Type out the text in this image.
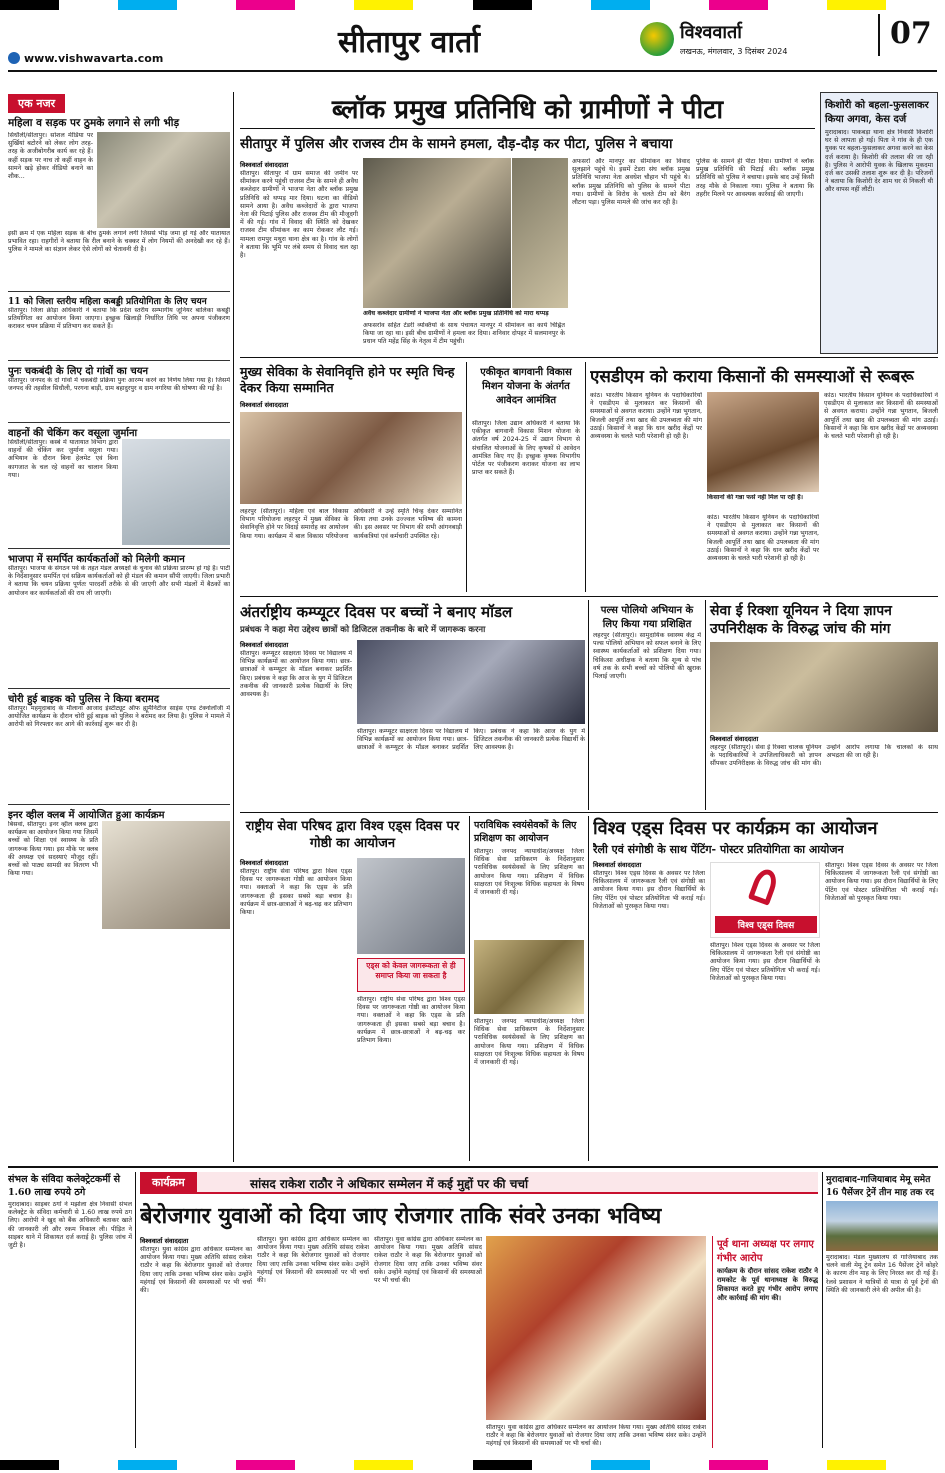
सीतापुर वार्ता
www.vishwavarta.com
विश्ववार्ता
लखनऊ, मंगलवार, 3 दिसंबर 2024
07
एक नजर
महिला व सड़क पर ठुमके लगाने से लगी भीड़
सिधौली/सीतापुर। सोशल मीडिया पर सुर्खियां बटोरने को लेकर लोग तरह-तरह के अजीबोगरीब कार्य कर रहे हैं। कहीं सड़क पर नाच तो कहीं वाहन के सामने खड़े होकर वीडियो बनाने का शौक...
इसी क्रम में एक महिला सड़क के बीच ठुमके लगाने लगी जिससे भीड़ जमा हो गई और यातायात प्रभावित रहा। राहगीरों ने बताया कि रील बनाने के चक्कर में लोग नियमों की अनदेखी कर रहे हैं। पुलिस ने मामले का संज्ञान लेकर ऐसे लोगों को चेतावनी दी है।
11 को जिला स्तरीय महिला कबड्डी प्रतियोगिता के लिए चयन
सीतापुर। जिला क्रीड़ा अधिकारी ने बताया कि प्रदेश स्तरीय सम्भागीय जूनियर बालिका कबड्डी प्रतियोगिता का आयोजन किया जाएगा। इच्छुक खिलाड़ी निर्धारित तिथि पर अपना पंजीकरण कराकर चयन प्रक्रिया में प्रतिभाग कर सकते हैं।
पुनः चकबंदी के लिए दो गांवों का चयन
सीतापुर। जनपद के दो गांवों में चकबंदी प्रक्रिया पुनः आरम्भ करने का निर्णय लिया गया है। जिसमें जनपद की तहसील सिधौली, परगना बाड़ी, ग्राम बहादुरपुर व ग्राम नगरिया की घोषणा की गई है।
वाहनों की चेकिंग कर वसूला जुर्माना
सिधौली/सीतापुर। कस्बे में यातायात विभाग द्वारा वाहनों की चेकिंग कर जुर्माना वसूला गया। अभियान के दौरान बिना हेलमेट एवं बिना कागजात के चल रहे वाहनों का चालान किया गया।
भाजपा में समर्पित कार्यकर्ताओं को मिलेगी कमान
सीतापुर। भाजपा के संगठन पर्व के तहत मंडल अध्यक्षों के चुनाव की प्रक्रिया प्रारम्भ हो गई है। पार्टी के निर्देशानुसार समर्पित एवं सक्रिय कार्यकर्ताओं को ही मंडल की कमान सौंपी जाएगी। जिला प्रभारी ने बताया कि चयन प्रक्रिया पूर्णतः पारदर्शी तरीके से की जाएगी और सभी मंडलों में बैठकों का आयोजन कर कार्यकर्ताओं की राय ली जाएगी।
चोरी हुई बाइक को पुलिस ने किया बरामद
सीतापुर। महमूदाबाद के मौलाना आजाद इंस्टीट्यूट ऑफ ह्यूमैनिटीज साइंस एण्ड टेक्नोलॉजी में आयोजित कार्यक्रम के दौरान चोरी हुई बाइक को पुलिस ने बरामद कर लिया है। पुलिस ने मामले में आरोपी को गिरफ्तार कर आगे की कार्रवाई शुरू कर दी है।
इनर व्हील क्लब में आयोजित हुआ कार्यक्रम
बिसवां, सीतापुर। इनर व्हील क्लब द्वारा कार्यक्रम का आयोजन किया गया जिसमें बच्चों को शिक्षा एवं स्वास्थ्य के प्रति जागरूक किया गया। इस मौके पर क्लब की अध्यक्ष एवं सदस्याएं मौजूद रहीं। बच्चों को पाठ्य सामग्री का वितरण भी किया गया।
ब्लॉक प्रमुख प्रतिनिधि को ग्रामीणों ने पीटा
सीतापुर में पुलिस और राजस्व टीम के सामने हमला, दौड़-दौड़ कर पीटा, पुलिस ने बचाया
विश्ववार्ता संवाददाता
सीतापुर। सीतापुर में ग्राम समाज की जमीन पर सीमांकन करने पहुंची राजस्व टीम के सामने ही अवैध कब्जेदार ग्रामीणों ने भाजपा नेता और ब्लॉक प्रमुख प्रतिनिधि को थप्पड़ मार दिया। घटना का वीडियो सामने आया है। अवैध कब्जेदारों के द्वारा भाजपा नेता की पिटाई पुलिस और राजस्व टीम की मौजूदगी में की गई। गांव में विवाद की स्थिति को देखकर राजस्व टीम सीमांकन का काम रोककर लौट गई। मामला रामपुर मथुरा थाना क्षेत्र का है। गांव के लोगों ने बताया कि भूमि पर लंबे समय से विवाद चल रहा है।
अवैध कब्जेदार ग्रामीणों ने भाजपा नेता और ब्लॉक प्रमुख प्रतिनिधि को मारा थप्पड़
अफसरोंव सहित टेंडरी व्यक्तियों के साथ पंचायत मानपुर में सीमांकन का कार्य चिह्नित किया जा रहा था। इसी बीच ग्रामीणों ने हमला कर दिया। शनिवार दोपहर में सलमानपुर के प्रधान पति महेंद्र सिंह के नेतृत्व में टीम पहुंची।
अफसरों और मानपुर का सीमांकन का विवाद सुलझाने पहुंचे थे। इसमें टेडरा संघ ब्लॉक प्रमुख प्रतिनिधि भाजपा नेता अवधेश चौहान भी पहुंचे थे। ब्लॉक प्रमुख प्रतिनिधि को पुलिस के सामने पीटा गया। ग्रामीणों के विरोध के चलते टीम को बैरंग लौटना पड़ा। पुलिस मामले की जांच कर रही है।
पुलिस के सामने ही पीटा दिया। ग्रामीणों ने ब्लॉक प्रमुख प्रतिनिधि की पिटाई की। ब्लॉक प्रमुख प्रतिनिधि को पुलिस ने बचाया। इसके बाद उन्हें किसी तरह मौके से निकाला गया। पुलिस ने बताया कि तहरीर मिलने पर आवश्यक कार्रवाई की जाएगी।
किशोरी को बहला-फुसलाकर किया अगवा, केस दर्ज
मुरादाबाद। पाकबड़ा थाना क्षेत्र निवासी किशोरी घर से लापता हो गई। पिता ने गांव के ही एक युवक पर बहला-फुसलाकर अगवा करने का केस दर्ज कराया है। किशोरी की तलाश की जा रही है। पुलिस ने आरोपी युवक के खिलाफ मुकदमा दर्ज कर उसकी तलाश शुरू कर दी है। परिजनों ने बताया कि किशोरी देर शाम घर से निकली थी और वापस नहीं लौटी।
मुख्य सेविका के सेवानिवृत्ति होने पर स्मृति चिन्ह देकर किया सम्मानित
विश्ववार्ता संवाददाता
लहरपुर (सीतापुर)। महिला एवं बाल विकास विभाग परियोजना लहरपुर में मुख्य सेविका के सेवानिवृत्ति होने पर विदाई समारोह का आयोजन किया गया। कार्यक्रम में बाल विकास परियोजना अधिकारी ने उन्हें स्मृति चिन्ह देकर सम्मानित किया तथा उनके उज्ज्वल भविष्य की कामना की। इस अवसर पर विभाग की सभी आंगनबाड़ी कार्यकत्रियां एवं कर्मचारी उपस्थित रहे।
एकीकृत बागवानी विकास मिशन योजना के अंतर्गत आवेदन आमंत्रित
सीतापुर। जिला उद्यान अधिकारी ने बताया कि एकीकृत बागवानी विकास मिशन योजना के अंतर्गत वर्ष 2024-25 में उद्यान विभाग से संचालित योजनाओं के लिए कृषकों से आवेदन आमंत्रित किए गए हैं। इच्छुक कृषक विभागीय पोर्टल पर पंजीकरण कराकर योजना का लाभ प्राप्त कर सकते हैं।
एसडीएम को कराया किसानों की समस्याओं से रूबरू
कांठ। भारतीय किसान यूनियन के पदाधिकारियों ने एसडीएम से मुलाकात कर किसानों की समस्याओं से अवगत कराया। उन्होंने गन्ना भुगतान, बिजली आपूर्ति तथा खाद की उपलब्धता की मांग उठाई। किसानों ने कहा कि धान खरीद केंद्रों पर अव्यवस्था के चलते भारी परेशानी हो रही है।
किसानों की गन्ना फसें नहीं मिल पा रही हैं।
कांठ। भारतीय किसान यूनियन के पदाधिकारियों ने एसडीएम से मुलाकात कर किसानों की समस्याओं से अवगत कराया। उन्होंने गन्ना भुगतान, बिजली आपूर्ति तथा खाद की उपलब्धता की मांग उठाई। किसानों ने कहा कि धान खरीद केंद्रों पर अव्यवस्था के चलते भारी परेशानी हो रही है।
कांठ। भारतीय किसान यूनियन के पदाधिकारियों ने एसडीएम से मुलाकात कर किसानों की समस्याओं से अवगत कराया। उन्होंने गन्ना भुगतान, बिजली आपूर्ति तथा खाद की उपलब्धता की मांग उठाई। किसानों ने कहा कि धान खरीद केंद्रों पर अव्यवस्था के चलते भारी परेशानी हो रही है।
अंतर्राष्ट्रीय कम्प्यूटर दिवस पर बच्चों ने बनाए मॉडल
प्रबंधक ने कहा मेरा उद्देश्य छात्रों को डिजिटल तकनीक के बारे में जागरूक करना
विश्ववार्ता संवाददाता
सीतापुर। कम्प्यूटर साक्षरता दिवस पर विद्यालय में विभिन्न कार्यक्रमों का आयोजन किया गया। छात्र-छात्राओं ने कम्प्यूटर के मॉडल बनाकर प्रदर्शित किए। प्रबंधक ने कहा कि आज के युग में डिजिटल तकनीक की जानकारी प्रत्येक विद्यार्थी के लिए आवश्यक है।
सीतापुर। कम्प्यूटर साक्षरता दिवस पर विद्यालय में विभिन्न कार्यक्रमों का आयोजन किया गया। छात्र-छात्राओं ने कम्प्यूटर के मॉडल बनाकर प्रदर्शित किए। प्रबंधक ने कहा कि आज के युग में डिजिटल तकनीक की जानकारी प्रत्येक विद्यार्थी के लिए आवश्यक है।
पल्स पोलियो अभियान के लिए किया गया प्रशिक्षित
लहरपुर (सीतापुर)। सामुदायिक स्वास्थ्य केंद्र में पल्स पोलियो अभियान को सफल बनाने के लिए स्वास्थ्य कार्यकर्ताओं को प्रशिक्षण दिया गया। चिकित्सा अधीक्षक ने बताया कि शून्य से पांच वर्ष तक के सभी बच्चों को पोलियो की खुराक पिलाई जाएगी।
सेवा ई रिक्शा यूनियन ने दिया ज्ञापन उपनिरीक्षक के विरुद्ध जांच की मांग
विश्ववार्ता संवाददाता
लहरपुर (सीतापुर)। सेवा ई रिक्शा चालक यूनियन के पदाधिकारियों ने उपजिलाधिकारी को ज्ञापन सौंपकर उपनिरीक्षक के विरुद्ध जांच की मांग की। उन्होंने आरोप लगाया कि चालकों के साथ अभद्रता की जा रही है।
राष्ट्रीय सेवा परिषद द्वारा विश्व एड्स दिवस पर गोष्ठी का आयोजन
विश्ववार्ता संवाददाता
सीतापुर। राष्ट्रीय सेवा परिषद द्वारा विश्व एड्स दिवस पर जागरूकता गोष्ठी का आयोजन किया गया। वक्ताओं ने कहा कि एड्स के प्रति जागरूकता ही इसका सबसे बड़ा बचाव है। कार्यक्रम में छात्र-छात्राओं ने बढ़-चढ़ कर प्रतिभाग किया।
एड्स को केवल जागरूकता से ही समाप्त किया जा सकता है
सीतापुर। राष्ट्रीय सेवा परिषद द्वारा विश्व एड्स दिवस पर जागरूकता गोष्ठी का आयोजन किया गया। वक्ताओं ने कहा कि एड्स के प्रति जागरूकता ही इसका सबसे बड़ा बचाव है। कार्यक्रम में छात्र-छात्राओं ने बढ़-चढ़ कर प्रतिभाग किया।
पराविधिक स्वयंसेवकों के लिए प्रशिक्षण का आयोजन
सीतापुर। जनपद न्यायाधीश/अध्यक्ष जिला विधिक सेवा प्राधिकरण के निर्देशानुसार पराविधिक स्वयंसेवकों के लिए प्रशिक्षण का आयोजन किया गया। प्रशिक्षण में विधिक साक्षरता एवं निःशुल्क विधिक सहायता के विषय में जानकारी दी गई।
सीतापुर। जनपद न्यायाधीश/अध्यक्ष जिला विधिक सेवा प्राधिकरण के निर्देशानुसार पराविधिक स्वयंसेवकों के लिए प्रशिक्षण का आयोजन किया गया। प्रशिक्षण में विधिक साक्षरता एवं निःशुल्क विधिक सहायता के विषय में जानकारी दी गई।
विश्व एड्स दिवस पर कार्यक्रम का आयोजन
रैली एवं संगोष्ठी के साथ पेंटिंग- पोस्टर प्रतियोगिता का आयोजन
विश्ववार्ता संवाददाता
सीतापुर। विश्व एड्स दिवस के अवसर पर जिला चिकित्सालय में जागरूकता रैली एवं संगोष्ठी का आयोजन किया गया। इस दौरान विद्यार्थियों के लिए पेंटिंग एवं पोस्टर प्रतियोगिता भी कराई गई। विजेताओं को पुरस्कृत किया गया।
विश्व एड्स दिवस
सीतापुर। विश्व एड्स दिवस के अवसर पर जिला चिकित्सालय में जागरूकता रैली एवं संगोष्ठी का आयोजन किया गया। इस दौरान विद्यार्थियों के लिए पेंटिंग एवं पोस्टर प्रतियोगिता भी कराई गई। विजेताओं को पुरस्कृत किया गया।
सीतापुर। विश्व एड्स दिवस के अवसर पर जिला चिकित्सालय में जागरूकता रैली एवं संगोष्ठी का आयोजन किया गया। इस दौरान विद्यार्थियों के लिए पेंटिंग एवं पोस्टर प्रतियोगिता भी कराई गई। विजेताओं को पुरस्कृत किया गया।
संभल के संविदा कलेक्ट्रेटकर्मी से 1.60 लाख रुपये ठगे
मुरादाबाद। साइबर ठगों ने मझोला क्षेत्र निवासी संभल कलेक्ट्रेट के संविदा कर्मचारी से 1.60 लाख रुपये ठग लिए। आरोपी ने खुद को बैंक अधिकारी बताकर खाते की जानकारी ली और रकम निकाल ली। पीड़ित ने साइबर थाने में शिकायत दर्ज कराई है। पुलिस जांच में जुटी है।
कार्यक्रम	सांसद राकेश राठौर ने अधिकार सम्मेलन में कई मुद्दों पर की चर्चा
बेरोजगार युवाओं को दिया जाए रोजगार ताकि संवरे उनका भविष्य
विश्ववार्ता संवाददाता
सीतापुर। युवा कांग्रेस द्वारा अधिकार सम्मेलन का आयोजन किया गया। मुख्य अतिथि सांसद राकेश राठौर ने कहा कि बेरोजगार युवाओं को रोजगार दिया जाए ताकि उनका भविष्य संवर सके। उन्होंने महंगाई एवं किसानों की समस्याओं पर भी चर्चा की।
सीतापुर। युवा कांग्रेस द्वारा अधिकार सम्मेलन का आयोजन किया गया। मुख्य अतिथि सांसद राकेश राठौर ने कहा कि बेरोजगार युवाओं को रोजगार दिया जाए ताकि उनका भविष्य संवर सके। उन्होंने महंगाई एवं किसानों की समस्याओं पर भी चर्चा की।
सीतापुर। युवा कांग्रेस द्वारा अधिकार सम्मेलन का आयोजन किया गया। मुख्य अतिथि सांसद राकेश राठौर ने कहा कि बेरोजगार युवाओं को रोजगार दिया जाए ताकि उनका भविष्य संवर सके। उन्होंने महंगाई एवं किसानों की समस्याओं पर भी चर्चा की।
सीतापुर। युवा कांग्रेस द्वारा अधिकार सम्मेलन का आयोजन किया गया। मुख्य अतिथि सांसद राकेश राठौर ने कहा कि बेरोजगार युवाओं को रोजगार दिया जाए ताकि उनका भविष्य संवर सके। उन्होंने महंगाई एवं किसानों की समस्याओं पर भी चर्चा की।
पूर्व थाना अध्यक्ष पर लगाए गंभीर आरोप
कार्यक्रम के दौरान सांसद राकेश राठौर ने रामकोट के पूर्व थानाध्यक्ष के विरुद्ध शिकायत करते हुए गंभीर आरोप लगाए और कार्रवाई की मांग की।
मुरादाबाद-गाजियाबाद मेमू समेत 16 पैसेंजर ट्रेनें तीन माह तक रद
मुरादाबाद। मंडल मुख्यालय से गाजियाबाद तक चलने वाली मेमू ट्रेन समेत 16 पैसेंजर ट्रेनें कोहरे के कारण तीन माह के लिए निरस्त कर दी गई हैं। रेलवे प्रशासन ने यात्रियों से यात्रा से पूर्व ट्रेनों की स्थिति की जानकारी लेने की अपील की है।
